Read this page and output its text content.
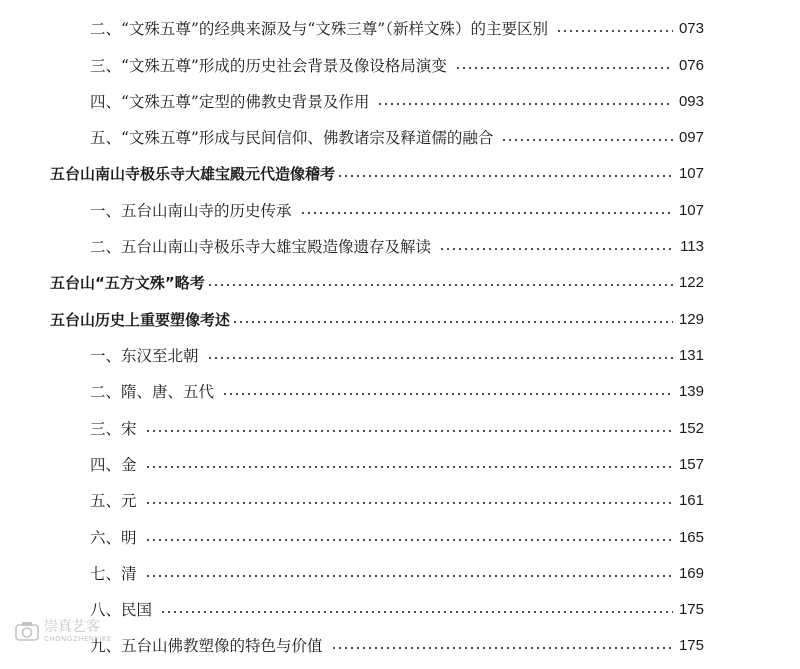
二、“文殊五尊”的经典来源及与“文殊三尊”（新样文殊）的主要区别	073
三、“文殊五尊”形成的历史社会背景及像设格局演变	076
四、“文殊五尊”定型的佛教史背景及作用	093
五、“文殊五尊”形成与民间信仰、佛教诸宗及释道儒的融合	097
五台山南山寺极乐寺大雄宝殿元代造像稽考	107
一、五台山南山寺的历史传承	107
二、五台山南山寺极乐寺大雄宝殿造像遗存及解读	113
五台山“五方文殊”略考	122
五台山历史上重要塑像考述	129
一、东汉至北朝	131
二、隋、唐、五代	139
三、宋	152
四、金	157
五、元	161
六、明	165
七、清	169
八、民国	175
九、五台山佛教塑像的特色与价值	175
崇真艺客
CHONGZHENYIKE
